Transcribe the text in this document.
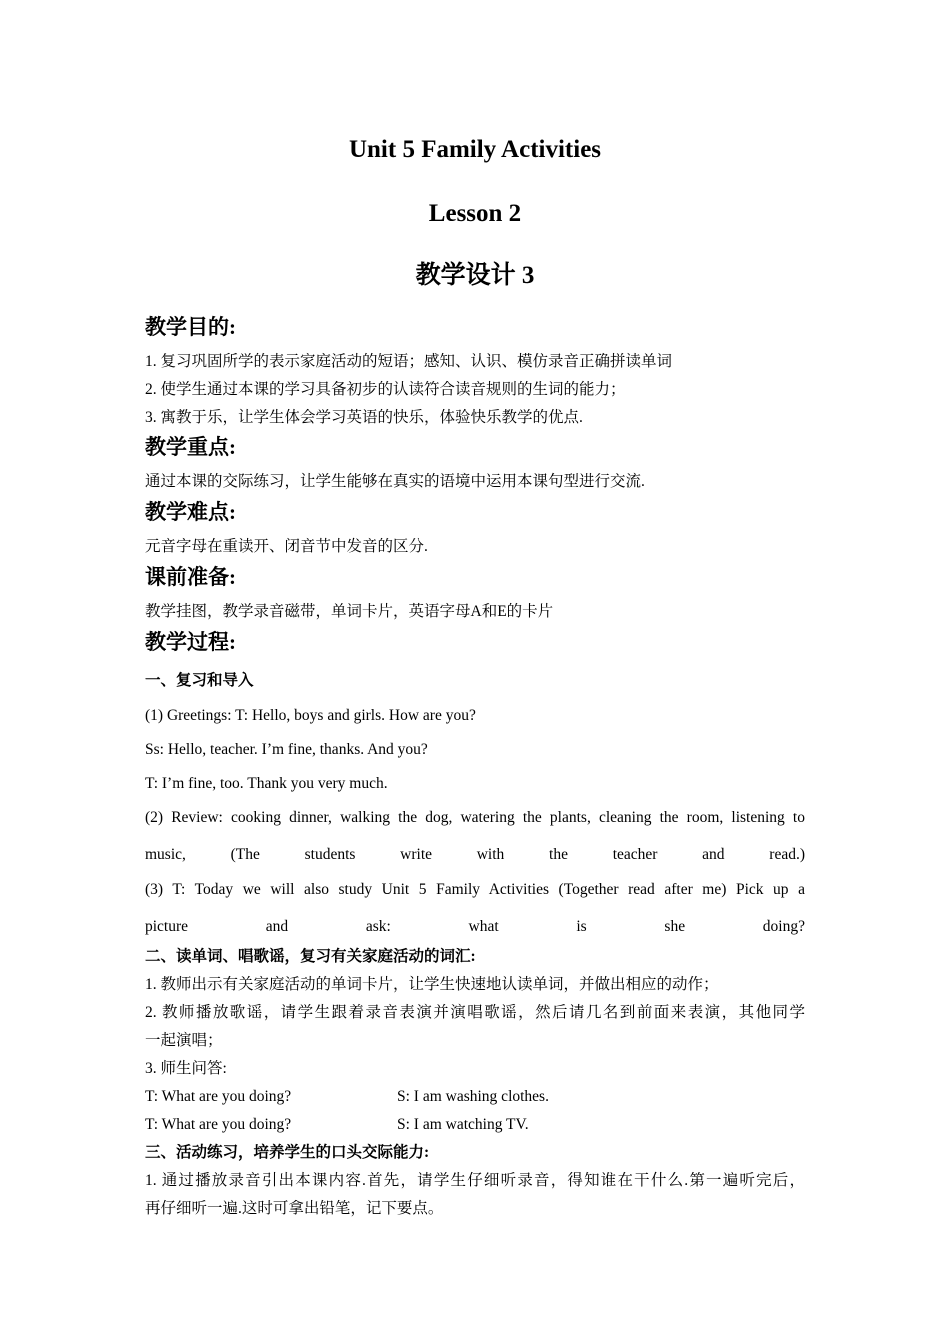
Unit 5 Family Activities
Lesson 2
教学设计 3
教学目的:
1. 复习巩固所学的表示家庭活动的短语；感知、认识、模仿录音正确拼读单词
2. 使学生通过本课的学习具备初步的认读符合读音规则的生词的能力；
3. 寓教于乐，让学生体会学习英语的快乐，体验快乐教学的优点.
教学重点:
通过本课的交际练习，让学生能够在真实的语境中运用本课句型进行交流.
教学难点:
元音字母在重读开、闭音节中发音的区分.
课前准备:
教学挂图，教学录音磁带，单词卡片，英语字母A和E的卡片
教学过程:
一、复习和导入
(1) Greetings: T: Hello, boys and girls. How are you?
Ss: Hello, teacher. I’m fine, thanks. And you?
T: I’m fine, too. Thank you very much.
(2) Review: cooking dinner, walking the dog, watering the plants, cleaning the room, listening to
music, (The students write with the teacher and read.)
(3) T: Today we will also study Unit 5 Family Activities (Together read after me) Pick up a
picture and ask: what is she doing?
二、读单词、唱歌谣，复习有关家庭活动的词汇:
1. 教师出示有关家庭活动的单词卡片，让学生快速地认读单词，并做出相应的动作；
2. 教师播放歌谣，请学生跟着录音表演并演唱歌谣，然后请几名到前面来表演，其他同学
一起演唱；
3. 师生问答:
T: What are you doing?	S: I am washing clothes.
T: What are you doing?	S: I am watching TV.
三、活动练习，培养学生的口头交际能力:
1. 通过播放录音引出本课内容.首先，请学生仔细听录音，得知谁在干什么.第一遍听完后，
再仔细听一遍.这时可拿出铅笔，记下要点。
